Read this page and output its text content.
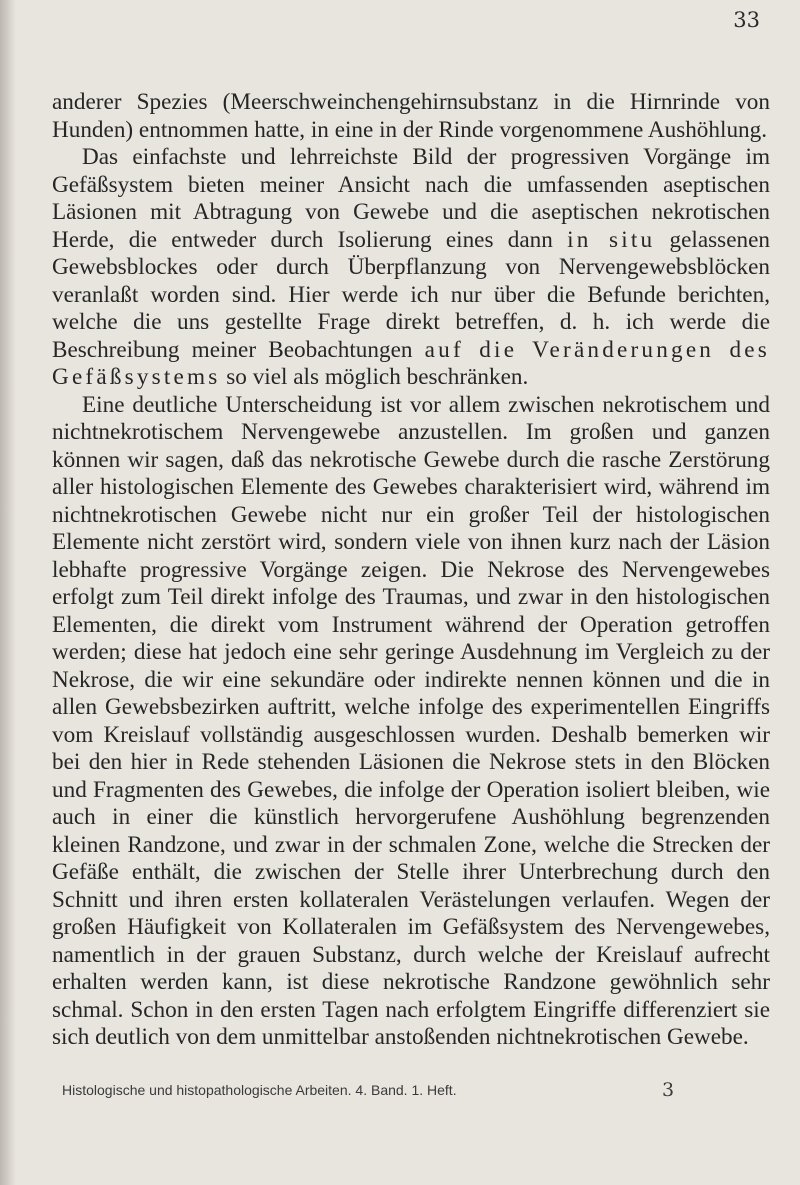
33

anderer Spezies (Meerschweinchengehirnsubstanz in die Hirnrinde von Hunden) entnommen hatte, in eine in der Rinde vorgenommene Aushöhlung.

Das einfachste und lehrreichste Bild der progressiven Vorgänge im Gefäßsystem bieten meiner Ansicht nach die umfassenden aseptischen Läsionen mit Abtragung von Gewebe und die aseptischen nekrotischen Herde, die entweder durch Isolierung eines dann in situ gelassenen Gewebsblockes oder durch Überpflanzung von Nervengewebsblöcken veranlaßt worden sind. Hier werde ich nur über die Befunde berichten, welche die uns gestellte Frage direkt betreffen, d. h. ich werde die Beschreibung meiner Beobachtungen auf die Veränderungen des Gefäßsystems so viel als möglich beschränken.

Eine deutliche Unterscheidung ist vor allem zwischen nekrotischem und nichtnekrotischem Nervengewebe anzustellen. Im großen und ganzen können wir sagen, daß das nekrotische Gewebe durch die rasche Zerstörung aller histologischen Elemente des Gewebes charakterisiert wird, während im nichtnekrotischen Gewebe nicht nur ein großer Teil der histologischen Elemente nicht zerstört wird, sondern viele von ihnen kurz nach der Läsion lebhafte progressive Vorgänge zeigen. Die Nekrose des Nervengewebes erfolgt zum Teil direkt infolge des Traumas, und zwar in den histologischen Elementen, die direkt vom Instrument während der Operation getroffen werden; diese hat jedoch eine sehr geringe Ausdehnung im Vergleich zu der Nekrose, die wir eine sekundäre oder indirekte nennen können und die in allen Gewebsbezirken auftritt, welche infolge des experimentellen Eingriffs vom Kreislauf vollständig ausgeschlossen wurden. Deshalb bemerken wir bei den hier in Rede stehenden Läsionen die Nekrose stets in den Blöcken und Fragmenten des Gewebes, die infolge der Operation isoliert bleiben, wie auch in einer die künstlich hervorgerufene Aushöhlung begrenzenden kleinen Randzone, und zwar in der schmalen Zone, welche die Strecken der Gefäße enthält, die zwischen der Stelle ihrer Unterbrechung durch den Schnitt und ihren ersten kollateralen Verästelungen verlaufen. Wegen der großen Häufigkeit von Kollateralen im Gefäßsystem des Nervengewebes, namentlich in der grauen Substanz, durch welche der Kreislauf aufrecht erhalten werden kann, ist diese nekrotische Randzone gewöhnlich sehr schmal. Schon in den ersten Tagen nach erfolgtem Eingriffe differenziert sie sich deutlich von dem unmittelbar anstoßenden nichtnekrotischen Gewebe.

Histologische und histopathologische Arbeiten. 4. Band. 1. Heft.	3
